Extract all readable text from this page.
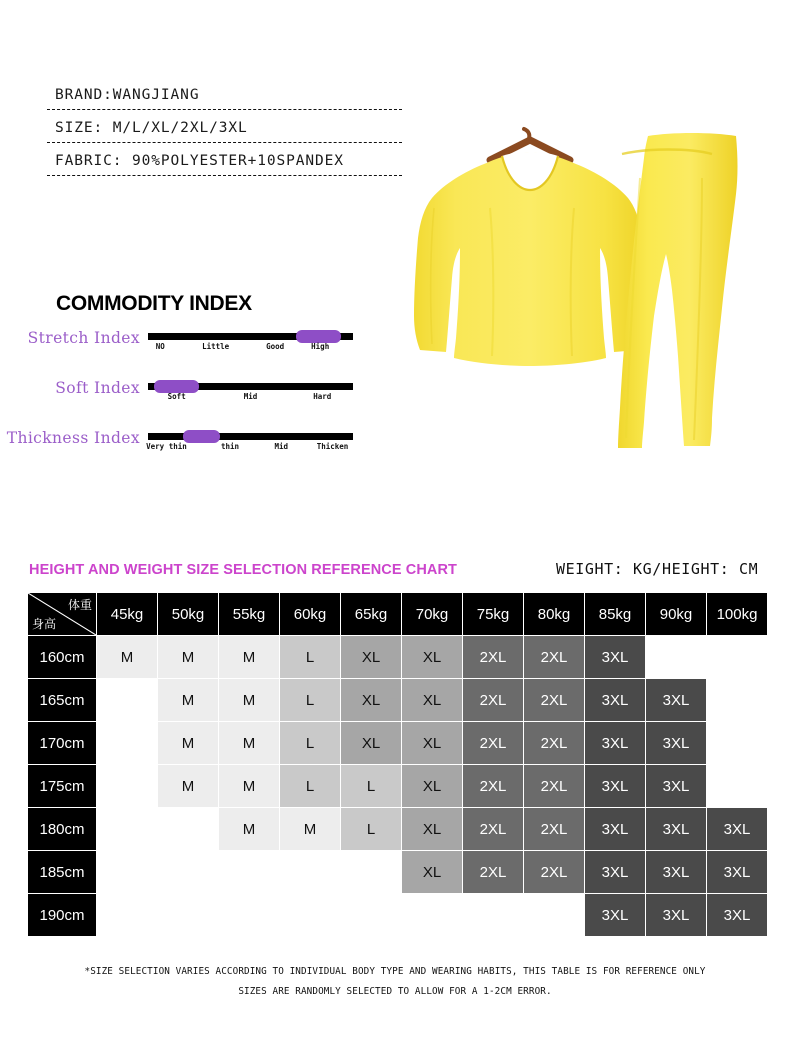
BRAND:WANGJIANG
SIZE: M/L/XL/2XL/3XL
FABRIC: 90%POLYESTER+10SPANDEX
COMMODITY INDEX
Stretch Index NO	Little	Good	High
Soft Index	Soft	Mid	Hard
Thickness Index Very thin	thin	Mid	Thicken
HEIGHT AND WEIGHT SIZE SELECTION REFERENCE CHART	WEIGHT: KG/HEIGHT: CM
体重
身高	45kg	50kg	55kg	60kg	65kg	70kg	75kg	80kg	85kg	90kg	100kg
160cm	M	M	M	L	XL	XL	2XL	2XL	3XL		
165cm		M	M	L	XL	XL	2XL	2XL	3XL	3XL	
170cm		M	M	L	XL	XL	2XL	2XL	3XL	3XL	
175cm		M	M	L	L	XL	2XL	2XL	3XL	3XL	
180cm			M	M	L	XL	2XL	2XL	3XL	3XL	3XL
185cm						XL	2XL	2XL	3XL	3XL	3XL
190cm									3XL	3XL	3XL
*SIZE SELECTION VARIES ACCORDING TO INDIVIDUAL BODY TYPE AND WEARING HABITS, THIS TABLE IS FOR REFERENCE ONLY
SIZES ARE RANDOMLY SELECTED TO ALLOW FOR A 1-2CM ERROR.
